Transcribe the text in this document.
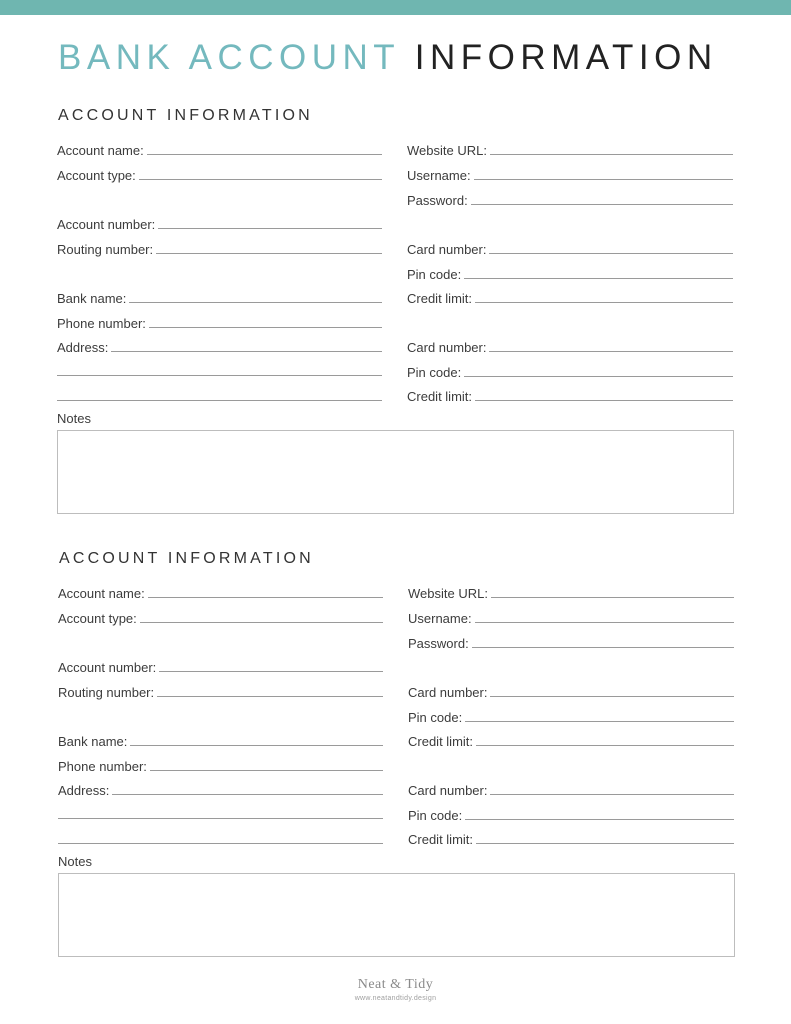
BANK ACCOUNT INFORMATION
ACCOUNT INFORMATION
Account name:
Account type:
Account number:
Routing number:
Bank name:
Phone number:
Address:
Website URL:
Username:
Password:
Card number:
Pin code:
Credit limit:
Card number:
Pin code:
Credit limit:
Notes
ACCOUNT INFORMATION
Account name:
Account type:
Account number:
Routing number:
Bank name:
Phone number:
Address:
Website URL:
Username:
Password:
Card number:
Pin code:
Credit limit:
Card number:
Pin code:
Credit limit:
Notes
Neat & Tidy
www.neatandtidy.design
